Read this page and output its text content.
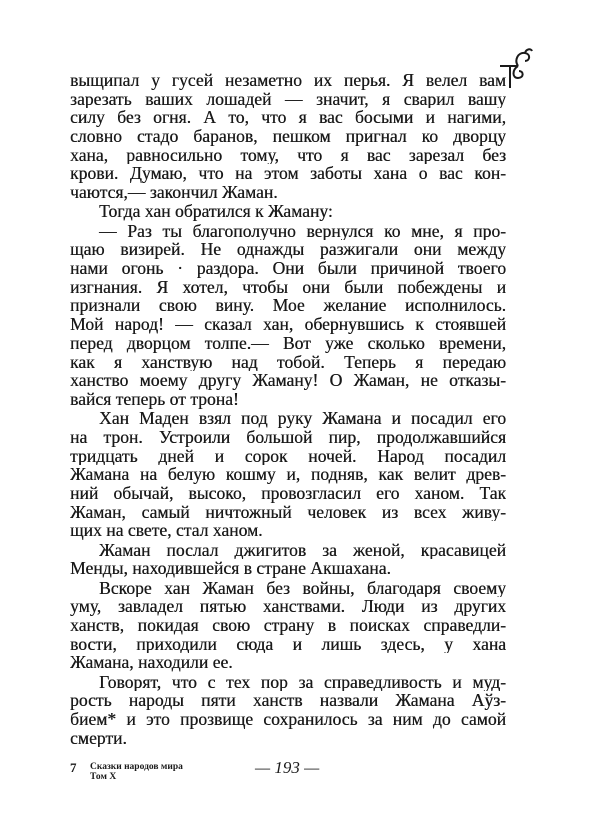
выщипал у гусей незаметно их перья. Я велел вам
зарезать ваших лошадей — значит, я сварил вашу
силу без огня. А то, что я вас босыми и нагими,
словно стадо баранов, пешком пригнал ко дворцу
хана, равносильно тому, что я вас зарезал без
крови. Думаю, что на этом заботы хана о вас кон-
чаются,— закончил Жаман.
Тогда хан обратился к Жаману:
— Раз ты благополучно вернулся ко мне, я про-
щаю визирей. Не однажды разжигали они между
нами огонь · раздора. Они были причиной твоего
изгнания. Я хотел, чтобы они были побеждены и
признали свою вину. Мое желание исполнилось.
Мой народ! — сказал хан, обернувшись к стоявшей
перед дворцом толпе.— Вот уже сколько времени,
как я ханствую над тобой. Теперь я передаю
ханство моему другу Жаману! О Жаман, не отказы-
вайся теперь от трона!
Хан Маден взял под руку Жамана и посадил его
на трон. Устроили большой пир, продолжавшийся
тридцать дней и сорок ночей. Народ посадил
Жамана на белую кошму и, подняв, как велит древ-
ний обычай, высоко, провозгласил его ханом. Так
Жаман, самый ничтожный человек из всех живу-
щих на свете, стал ханом.
Жаман послал джигитов за женой, красавицей
Менды, находившейся в стране Акшахана.
Вскоре хан Жаман без войны, благодаря своему
уму, завладел пятью ханствами. Люди из других
ханств, покидая свою страну в поисках справедли-
вости, приходили сюда и лишь здесь, у хана
Жамана, находили ее.
Говорят, что с тех пор за справедливость и муд-
рость народы пяти ханств назвали Жамана Аўз-
бием* и это прозвище сохранилось за ним до самой
смерти.
7 Сказки народов мира
Том X	— 193 —
